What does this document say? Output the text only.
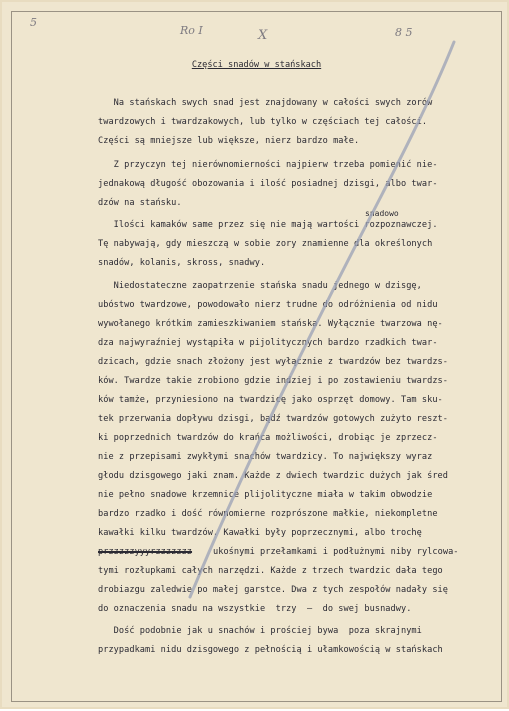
5
Ro I	X	8 5
Części snadów w stańskach
snadowo
Na stańskach swych snad jest znajdowany w całości swych zorów
twardzowych i twardzakowych, lub tylko w częściach tej całości.
Części są mniejsze lub większe, nierz bardzo małe.
Z przyczyn tej nierównomierności najpierw trzeba pomienić nie-
jednakową długość obozowania i ilość posiadnej dzisgi, albo twar-
dzów na stańsku.
Ilości kamaków same przez się nie mają wartości rozpoznawczej.
Tę nabywają, gdy mieszczą w sobie zory znamienne dla określonych
snadów, kolanis, skross, snadwy.
Niedostateczne zaopatrzenie stańska snadu jednego w dzisgę,
ubóstwo twardzowe, powodowało nierz trudne do odróżnienia od nidu
wywołanego krótkim zamieszkiwaniem stańska. Wyłącznie twarzowa nę-
dza najwyraźniej wystąpiła w pijolitycznych bardzo rzadkich twar-
dzicach, gdzie snach złożony jest wyłącznie z twardzów bez twardzs-
ków. Twardze takie zrobiono gdzie indziej i po zostawieniu twardzs-
ków tamże, przyniesiono na twardzicę jako osprzęt domowy. Tam sku-
tek przerwania dopływu dzisgi, bądź twardzów gotowych zużyto reszt-
ki poprzednich twardzów do krańca możliwości, drobiąc je zprzecz-
nie z przepisami zwykłymi snachów twardzicy. To największy wyraz
głodu dzisgowego jaki znam. Każde z dwiech twardzic dużych jak śred
nie pełno snadowe krzemnice plijolityczne miała w takim obwodzie
bardzo rzadko i dość równomierne rozprószone małkie, niekompletne
kawałki kilku twardzów. Kawałki były poprzecznymi, albo trochę
przzzzzyyyrzzzzzzz ukośnymi przełamkami i podłużnymi niby rylcowa-
tymi rozłupkami całych narzędzi. Każde z trzech twardzic dała tego
drobiazgu zaledwie po małej garstce. Dwa z tych zespołów nadały się
do oznaczenia snadu na wszystkie  trzy  —  do swej busnadwy.
Dość podobnie jak u snachów i prościej bywa  poza skrajnymi
przypadkami nidu dzisgowego z pełnością i ułamkowością w stańskach
